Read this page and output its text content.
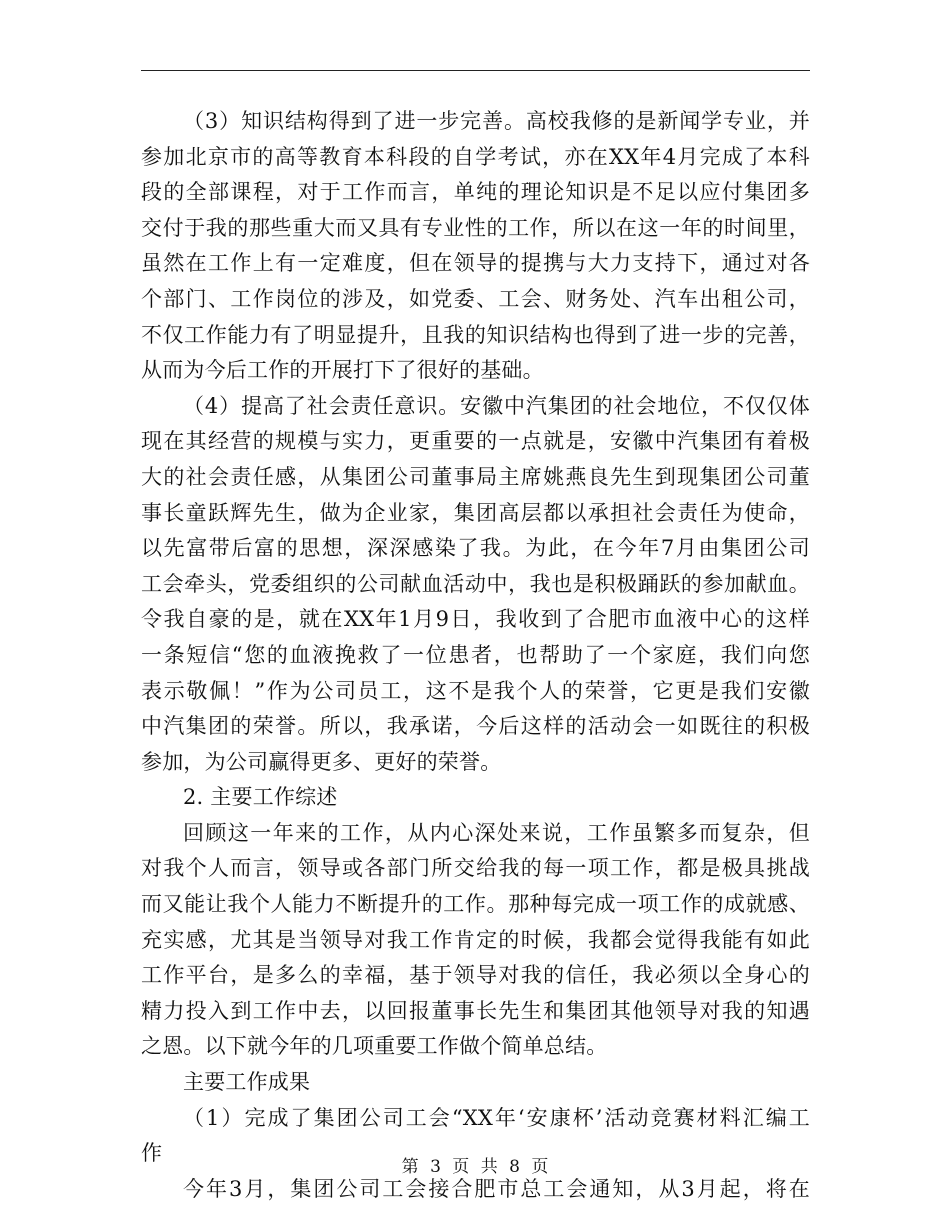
（3）知识结构得到了进一步完善。高校我修的是新闻学专业，并
参加北京市的高等教育本科段的自学考试，亦在XX年4月完成了本科
段的全部课程，对于工作而言，单纯的理论知识是不足以应付集团多
交付于我的那些重大而又具有专业性的工作，所以在这一年的时间里，
虽然在工作上有一定难度，但在领导的提携与大力支持下，通过对各
个部门、工作岗位的涉及，如党委、工会、财务处、汽车出租公司，
不仅工作能力有了明显提升，且我的知识结构也得到了进一步的完善，
从而为今后工作的开展打下了很好的基础。
（4）提高了社会责任意识。安徽中汽集团的社会地位，不仅仅体
现在其经营的规模与实力，更重要的一点就是，安徽中汽集团有着极
大的社会责任感，从集团公司董事局主席姚燕良先生到现集团公司董
事长童跃辉先生，做为企业家，集团高层都以承担社会责任为使命，
以先富带后富的思想，深深感染了我。为此，在今年7月由集团公司
工会牵头，党委组织的公司献血活动中，我也是积极踊跃的参加献血。
令我自豪的是，就在XX年1月9日，我收到了合肥市血液中心的这样
一条短信“您的血液挽救了一位患者，也帮助了一个家庭，我们向您
表示敬佩！”作为公司员工，这不是我个人的荣誉，它更是我们安徽
中汽集团的荣誉。所以，我承诺，今后这样的活动会一如既往的积极
参加，为公司赢得更多、更好的荣誉。
2. 主要工作综述
回顾这一年来的工作，从内心深处来说，工作虽繁多而复杂，但
对我个人而言，领导或各部门所交给我的每一项工作，都是极具挑战
而又能让我个人能力不断提升的工作。那种每完成一项工作的成就感、
充实感，尤其是当领导对我工作肯定的时候，我都会觉得我能有如此
工作平台，是多么的幸福，基于领导对我的信任，我必须以全身心的
精力投入到工作中去，以回报董事长先生和集团其他领导对我的知遇
之恩。以下就今年的几项重要工作做个简单总结。
主要工作成果
（1）完成了集团公司工会“XX年‘安康杯’活动竞赛材料汇编工
作
今年3月，集团公司工会接合肥市总工会通知，从3月起，将在
第 3 页 共 8 页
